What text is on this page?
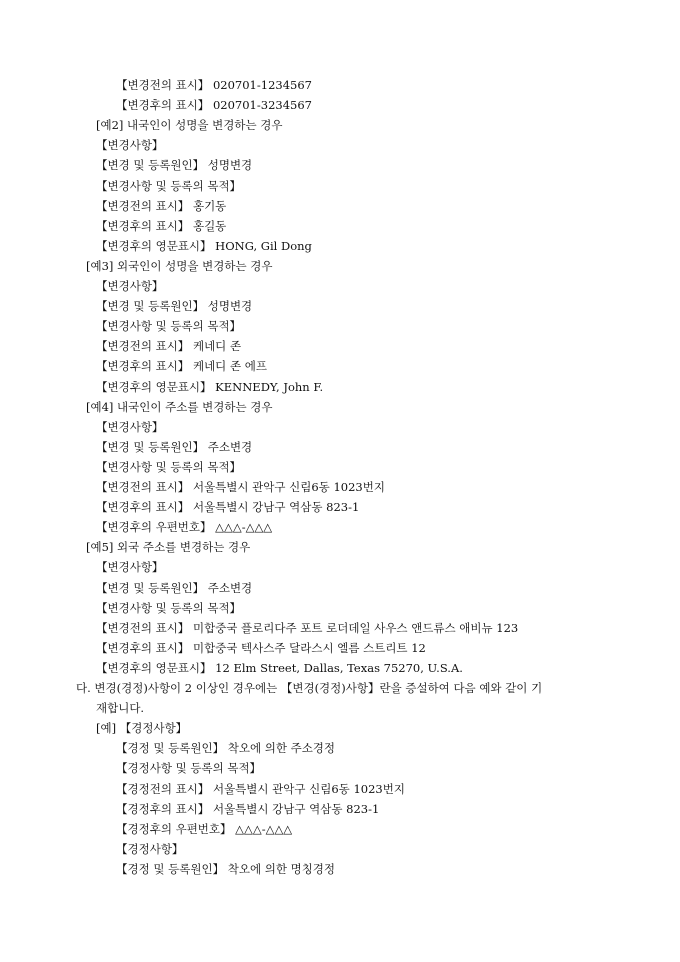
【변경전의 표시】 020701-1234567
【변경후의 표시】 020701-3234567
[예2] 내국인이 성명을 변경하는 경우
【변경사항】
【변경 및 등록원인】 성명변경
【변경사항 및 등록의 목적】
【변경전의 표시】 홍기동
【변경후의 표시】 홍길동
【변경후의 영문표시】 HONG, Gil Dong
[예3] 외국인이 성명을 변경하는 경우
【변경사항】
【변경 및 등록원인】 성명변경
【변경사항 및 등록의 목적】
【변경전의 표시】 케네디 존
【변경후의 표시】 케네디 존 에프
【변경후의 영문표시】 KENNEDY, John F.
[예4] 내국인이 주소를 변경하는 경우
【변경사항】
【변경 및 등록원인】 주소변경
【변경사항 및 등록의 목적】
【변경전의 표시】 서울특별시 관악구 신림6동 1023번지
【변경후의 표시】 서울특별시 강남구 역삼동 823-1
【변경후의 우편번호】 △△△-△△△
[예5] 외국 주소를 변경하는 경우
【변경사항】
【변경 및 등록원인】 주소변경
【변경사항 및 등록의 목적】
【변경전의 표시】 미합중국 플로리다주 포트 로더데일 사우스 앤드류스 애비뉴 123
【변경후의 표시】 미합중국 텍사스주 달라스시 엘름 스트리트 12
【변경후의 영문표시】 12 Elm Street, Dallas, Texas 75270, U.S.A.
다. 변경(경정)사항이 2 이상인 경우에는 【변경(경정)사항】란을 증설하여 다음 예와 같이 기
재합니다.
[예] 【경정사항】
【경정 및 등록원인】 착오에 의한 주소경정
【경정사항 및 등록의 목적】
【경정전의 표시】 서울특별시 관악구 신림6동 1023번지
【경정후의 표시】 서울특별시 강남구 역삼동 823-1
【경정후의 우편번호】 △△△-△△△
【경정사항】
【경정 및 등록원인】 착오에 의한 명칭경정
